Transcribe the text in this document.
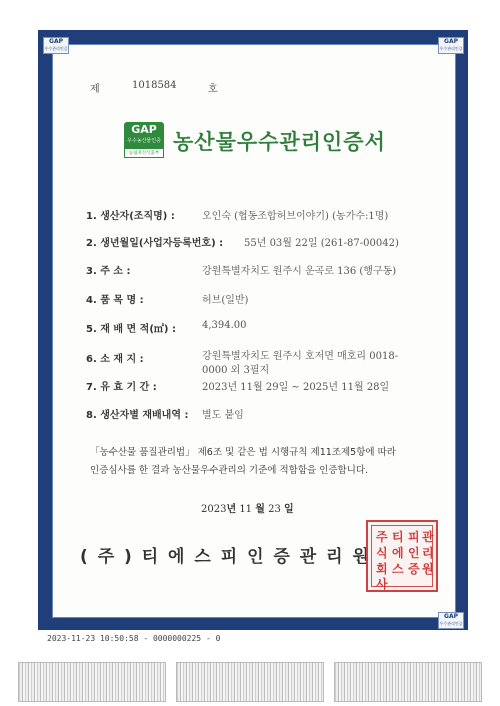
GAP
우수관리인증
GAP
우수관리인증
GAP
우수관리인증
제	1018584	호
GAP
우수농산물인증
농림축산식품부 농산물우수관리인증서
1. 생산자(조직명) :	오인숙 (협동조합허브이야기) (농가수:1명)
2. 생년월일(사업자등록번호) : 55년 03월 22일 (261-87-00042)
3. 주 소 :	강원특별자치도 원주시 운곡로 136 (행구동)
4. 품 목 명 :	허브(일반)
5. 재 배 면 적(㎡) :	4,394.00
6. 소 재 지 :	강원특별자치도 원주시 호저면 매호리 0018-
0000 외 3필지
7. 유 효 기 간 :	2023년 11월 29일 ~ 2025년 11월 28일
8. 생산자별 재배내역 : 별도 붙임
「농수산물 품질관리법」 제6조 및 같은 법 시행규칙 제11조제5항에 따라
인증심사를 한 결과 농산물우수관리의 기준에 적합함을 인증합니다.
2023년 11 월 23 일
( 주 ) 티 에 스 피 인 증 관 리 원
주
식
회
사
티
에
스
피
인
증
관
리
원
2023-11-23 10:50:58 - 0000000225 - 0
